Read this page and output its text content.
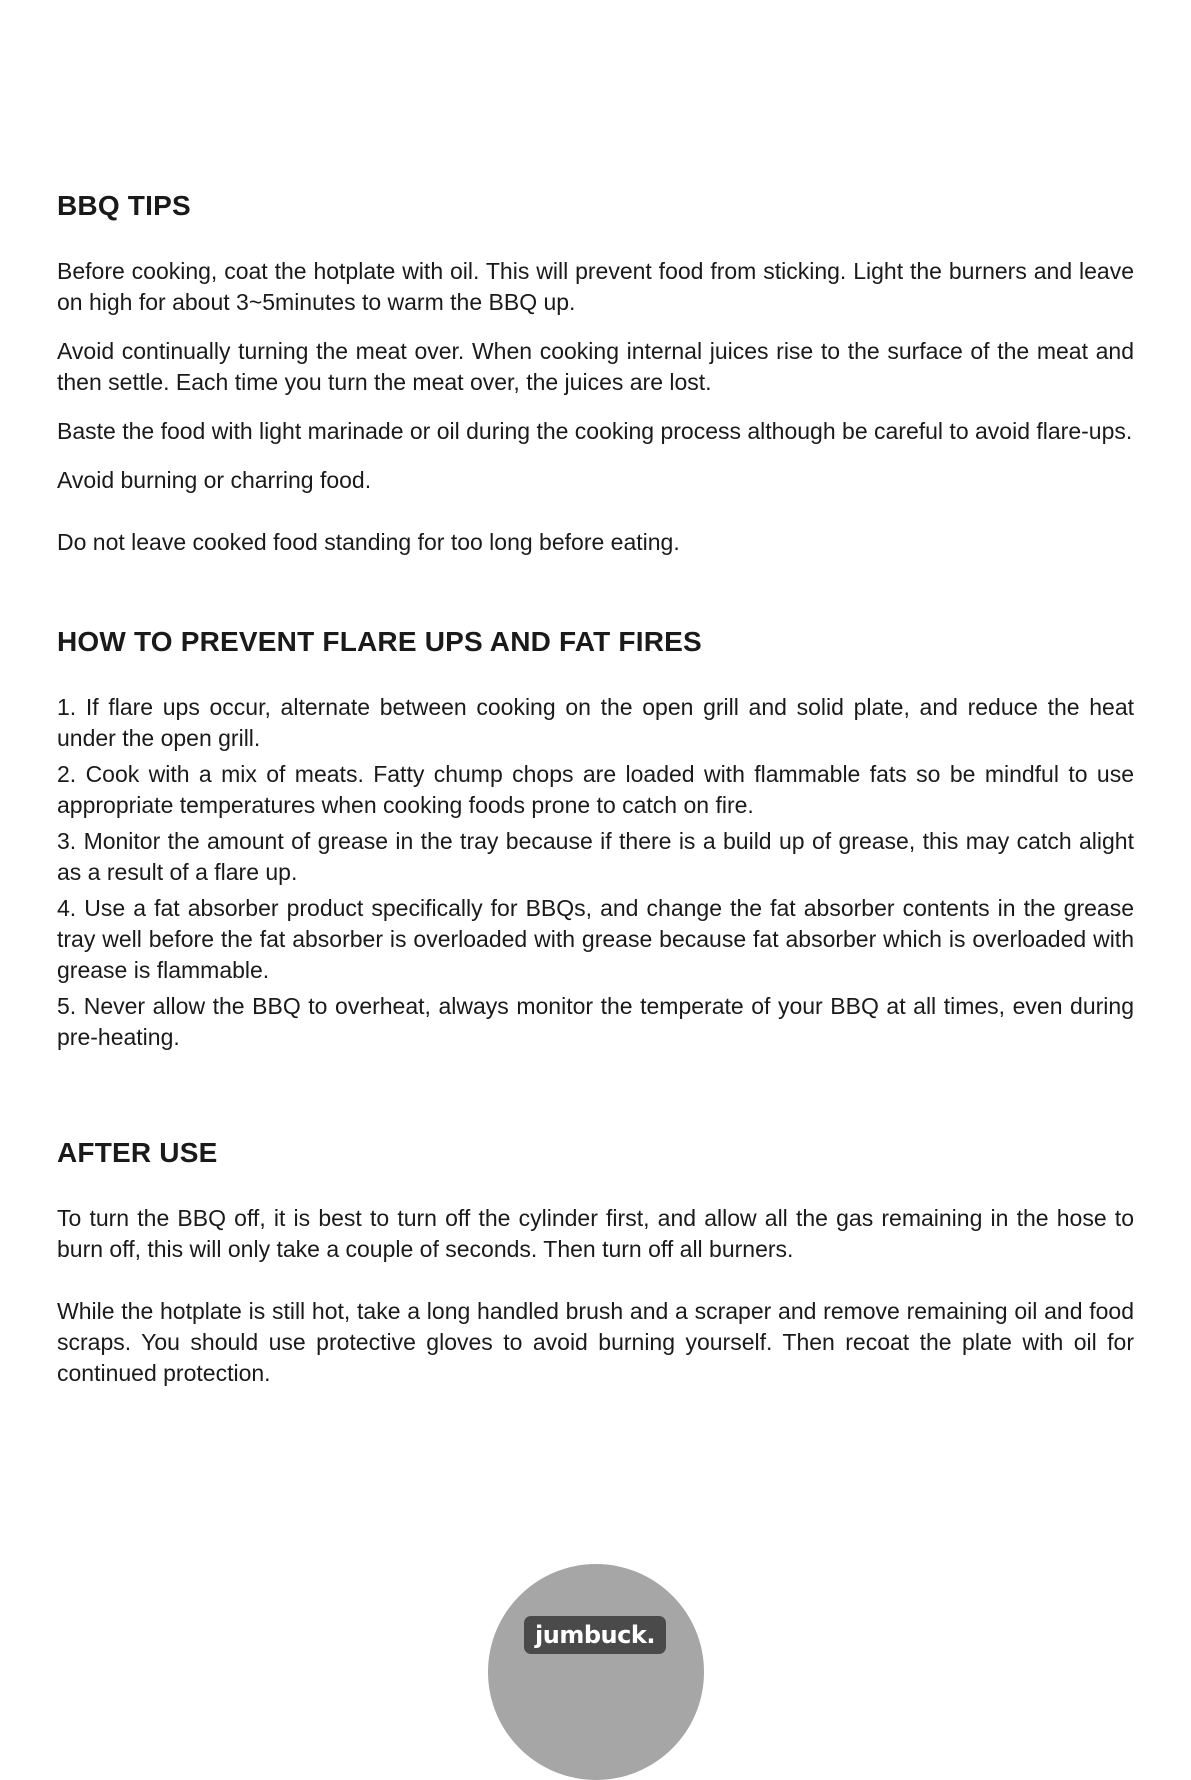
BBQ TIPS

Before cooking, coat the hotplate with oil. This will prevent food from sticking. Light the burners and leave on high for about 3~5minutes to warm the BBQ up.

Avoid continually turning the meat over. When cooking internal juices rise to the surface of the meat and then settle. Each time you turn the meat over, the juices are lost.

Baste the food with light marinade or oil during the cooking process although be careful to avoid flare-ups.

Avoid burning or charring food.

Do not leave cooked food standing for too long before eating.

HOW TO PREVENT FLARE UPS AND FAT FIRES

1. If flare ups occur, alternate between cooking on the open grill and solid plate, and reduce the heat under the open grill.

2. Cook with a mix of meats. Fatty chump chops are loaded with flammable fats so be mindful to use appropriate temperatures when cooking foods prone to catch on fire.

3. Monitor the amount of grease in the tray because if there is a build up of grease, this may catch alight as a result of a flare up.

4. Use a fat absorber product specifically for BBQs, and change the fat absorber contents in the grease tray well before the fat absorber is overloaded with grease because fat absorber which is overloaded with grease is flammable.

5. Never allow the BBQ to overheat, always monitor the temperate of your BBQ at all times, even during pre-heating.

AFTER USE

To turn the BBQ off, it is best to turn off the cylinder first, and allow all the gas remaining in the hose to burn off, this will only take a couple of seconds. Then turn off all burners.

While the hotplate is still hot, take a long handled brush and a scraper and remove remaining oil and food scraps. You should use protective gloves to avoid burning yourself. Then recoat the plate with oil for continued protection.

jumbuck.
